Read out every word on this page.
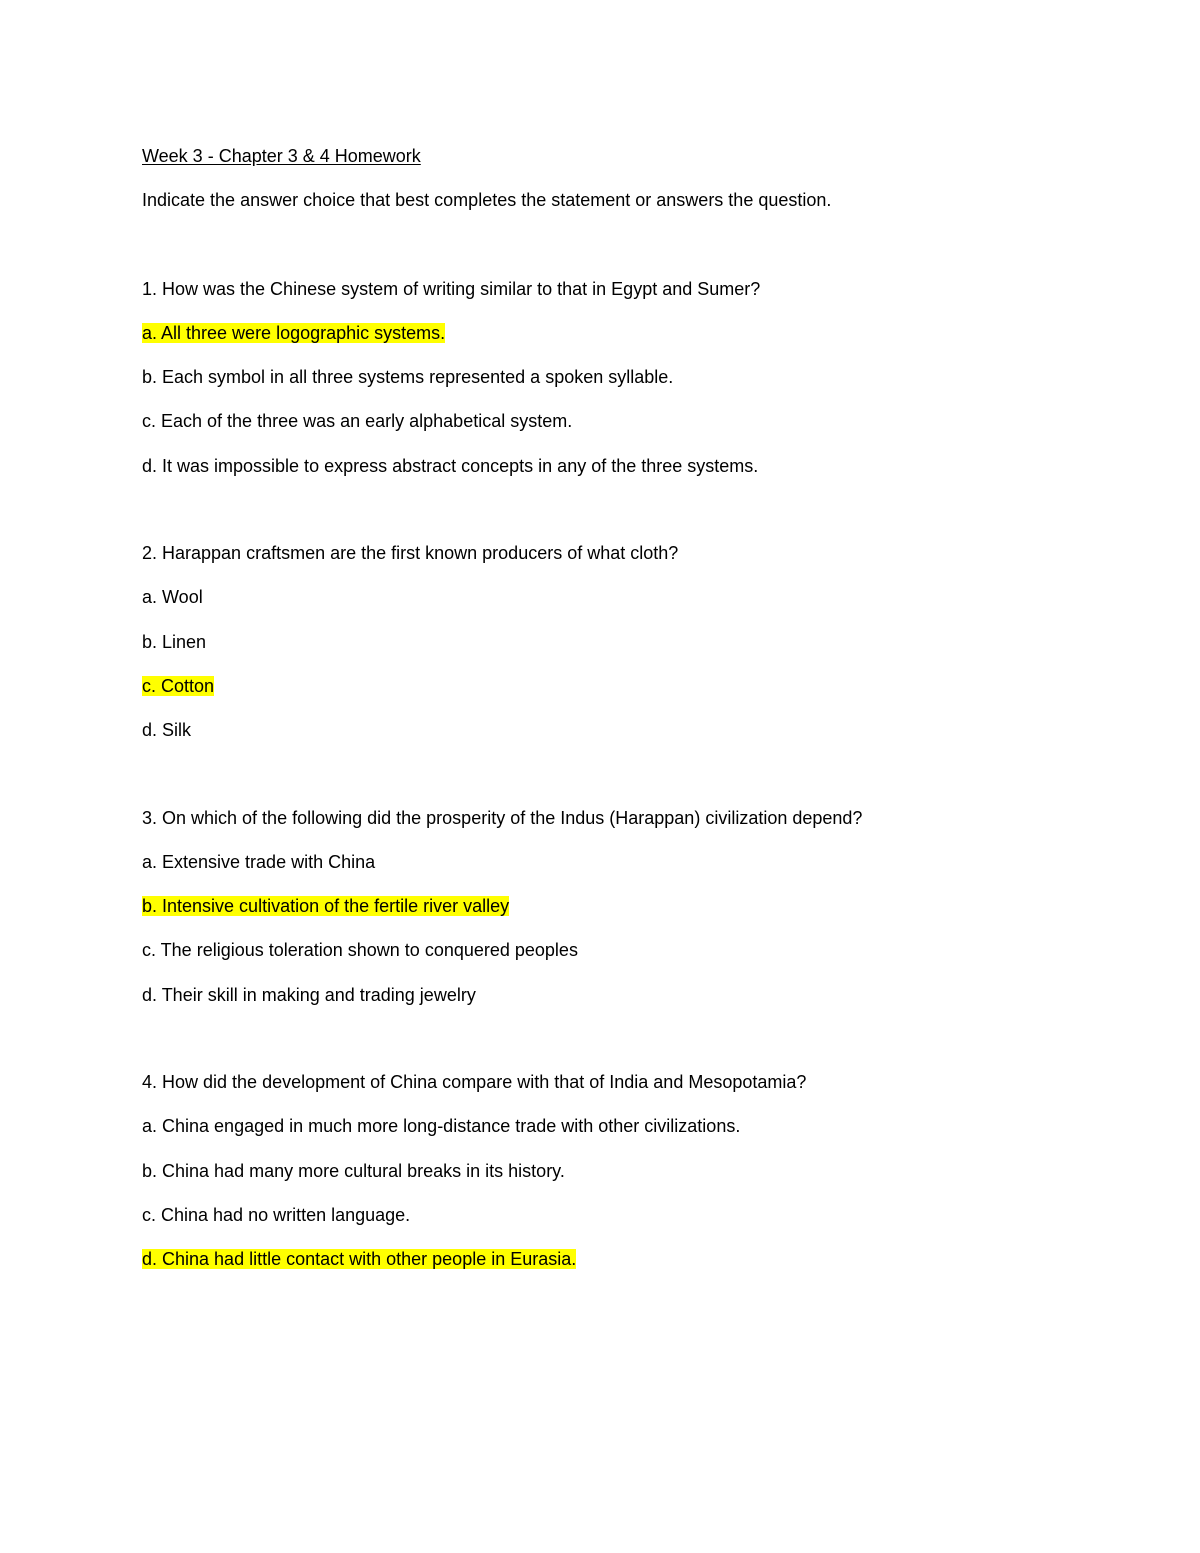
Week 3 - Chapter 3 & 4 Homework
Indicate the answer choice that best completes the statement or answers the question.
1. How was the Chinese system of writing similar to that in Egypt and Sumer?
a. All three were logographic systems.
b. Each symbol in all three systems represented a spoken syllable.
c. Each of the three was an early alphabetical system.
d. It was impossible to express abstract concepts in any of the three systems.
2. Harappan craftsmen are the first known producers of what cloth?
a. Wool
b. Linen
c. Cotton
d. Silk
3. On which of the following did the prosperity of the Indus (Harappan) civilization depend?
a. Extensive trade with China
b. Intensive cultivation of the fertile river valley
c. The religious toleration shown to conquered peoples
d. Their skill in making and trading jewelry
4. How did the development of China compare with that of India and Mesopotamia?
a. China engaged in much more long-distance trade with other civilizations.
b. China had many more cultural breaks in its history.
c. China had no written language.
d. China had little contact with other people in Eurasia.
